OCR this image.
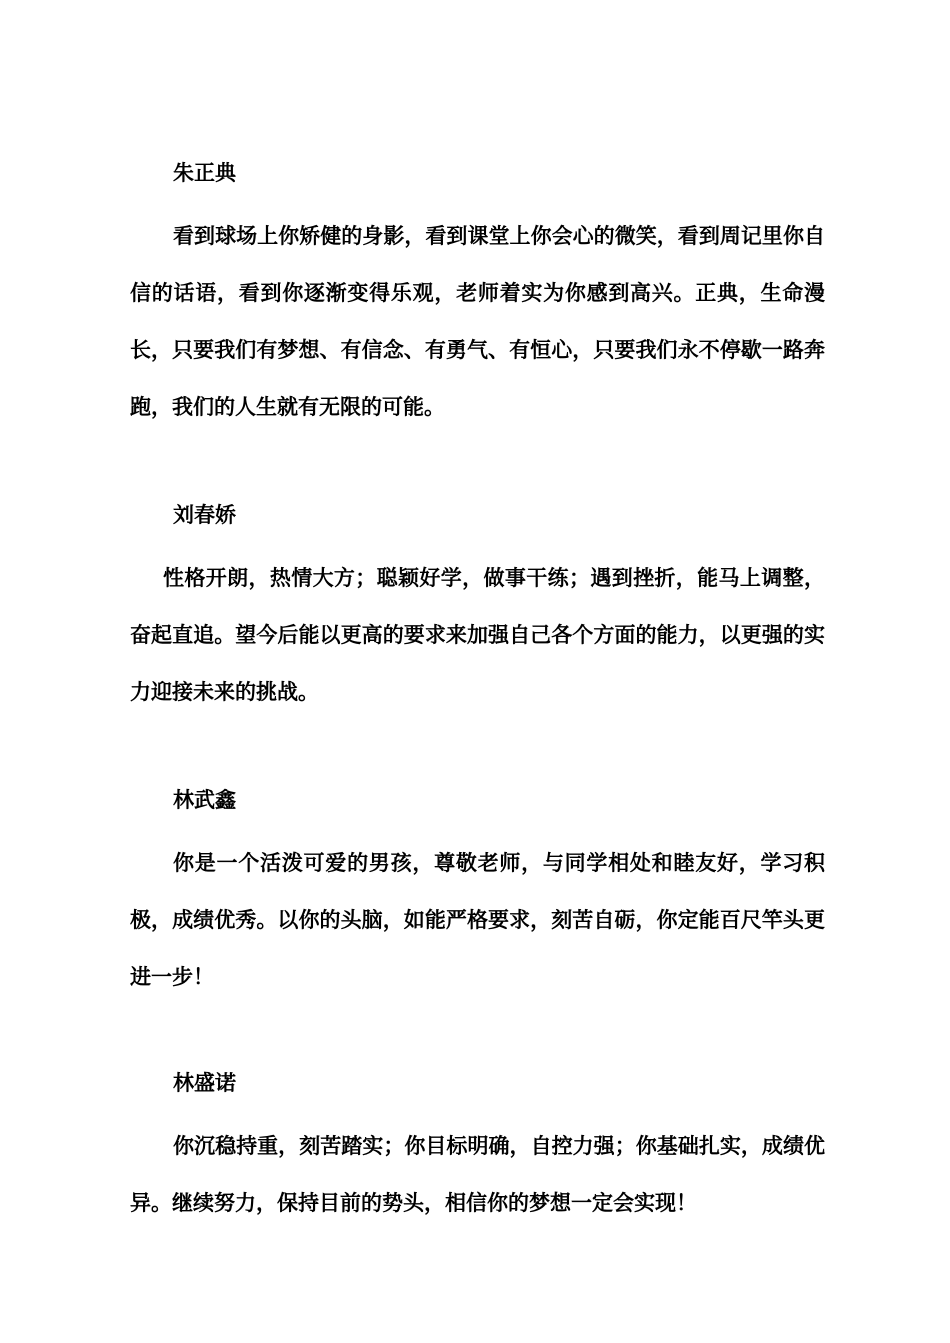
朱正典

看到球场上你矫健的身影，看到课堂上你会心的微笑，看到周记里你自信的话语，看到你逐渐变得乐观，老师着实为你感到高兴。正典，生命漫长，只要我们有梦想、有信念、有勇气、有恒心，只要我们永不停歇一路奔跑，我们的人生就有无限的可能。

刘春娇

性格开朗，热情大方；聪颖好学，做事干练；遇到挫折，能马上调整，奋起直追。望今后能以更高的要求来加强自己各个方面的能力，以更强的实力迎接未来的挑战。

林武鑫

你是一个活泼可爱的男孩，尊敬老师，与同学相处和睦友好，学习积极，成绩优秀。以你的头脑，如能严格要求，刻苦自砺，你定能百尺竿头更进一步！

林盛诺

你沉稳持重，刻苦踏实；你目标明确，自控力强；你基础扎实，成绩优异。继续努力，保持目前的势头，相信你的梦想一定会实现！
